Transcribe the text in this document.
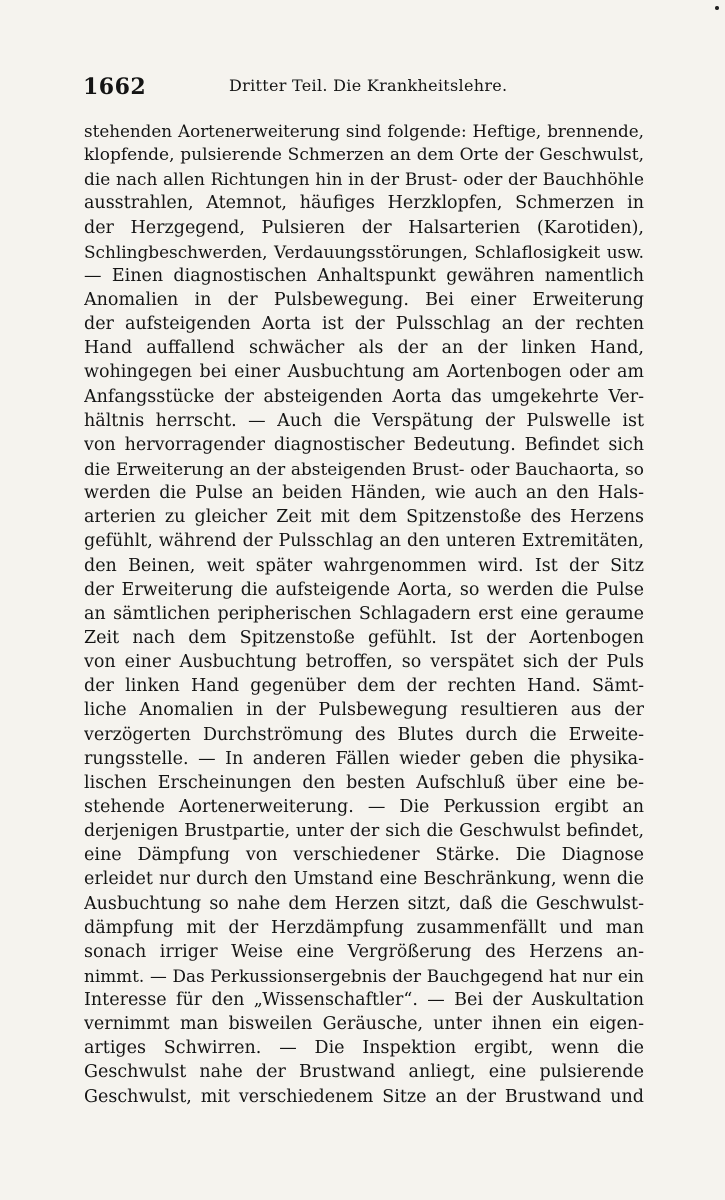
1662	Dritter Teil. Die Krankheitslehre.
stehenden Aortenerweiterung sind folgende: Heftige, brennende,
klopfende, pulsierende Schmerzen an dem Orte der Geschwulst,
die nach allen Richtungen hin in der Brust- oder der Bauchhöhle
ausstrahlen, Atemnot, häufiges Herzklopfen, Schmerzen in
der Herzgegend, Pulsieren der Halsarterien (Karotiden),
Schlingbeschwerden, Verdauungsstörungen, Schlaflosigkeit usw.
— Einen diagnostischen Anhaltspunkt gewähren namentlich
Anomalien in der Pulsbewegung. Bei einer Erweiterung
der aufsteigenden Aorta ist der Pulsschlag an der rechten
Hand auffallend schwächer als der an der linken Hand,
wohingegen bei einer Ausbuchtung am Aortenbogen oder am
Anfangsstücke der absteigenden Aorta das umgekehrte Ver-
hältnis herrscht. — Auch die Verspätung der Pulswelle ist
von hervorragender diagnostischer Bedeutung. Befindet sich
die Erweiterung an der absteigenden Brust- oder Bauchaorta, so
werden die Pulse an beiden Händen, wie auch an den Hals-
arterien zu gleicher Zeit mit dem Spitzenstoße des Herzens
gefühlt, während der Pulsschlag an den unteren Extremitäten,
den Beinen, weit später wahrgenommen wird. Ist der Sitz
der Erweiterung die aufsteigende Aorta, so werden die Pulse
an sämtlichen peripherischen Schlagadern erst eine geraume
Zeit nach dem Spitzenstoße gefühlt. Ist der Aortenbogen
von einer Ausbuchtung betroffen, so verspätet sich der Puls
der linken Hand gegenüber dem der rechten Hand. Sämt-
liche Anomalien in der Pulsbewegung resultieren aus der
verzögerten Durchströmung des Blutes durch die Erweite-
rungsstelle. — In anderen Fällen wieder geben die physika-
lischen Erscheinungen den besten Aufschluß über eine be-
stehende Aortenerweiterung. — Die Perkussion ergibt an
derjenigen Brustpartie, unter der sich die Geschwulst befindet,
eine Dämpfung von verschiedener Stärke. Die Diagnose
erleidet nur durch den Umstand eine Beschränkung, wenn die
Ausbuchtung so nahe dem Herzen sitzt, daß die Geschwulst-
dämpfung mit der Herzdämpfung zusammenfällt und man
sonach irriger Weise eine Vergrößerung des Herzens an-
nimmt. — Das Perkussionsergebnis der Bauchgegend hat nur ein
Interesse für den „Wissenschaftler“. — Bei der Auskultation
vernimmt man bisweilen Geräusche, unter ihnen ein eigen-
artiges Schwirren. — Die Inspektion ergibt, wenn die
Geschwulst nahe der Brustwand anliegt, eine pulsierende
Geschwulst, mit verschiedenem Sitze an der Brustwand und
